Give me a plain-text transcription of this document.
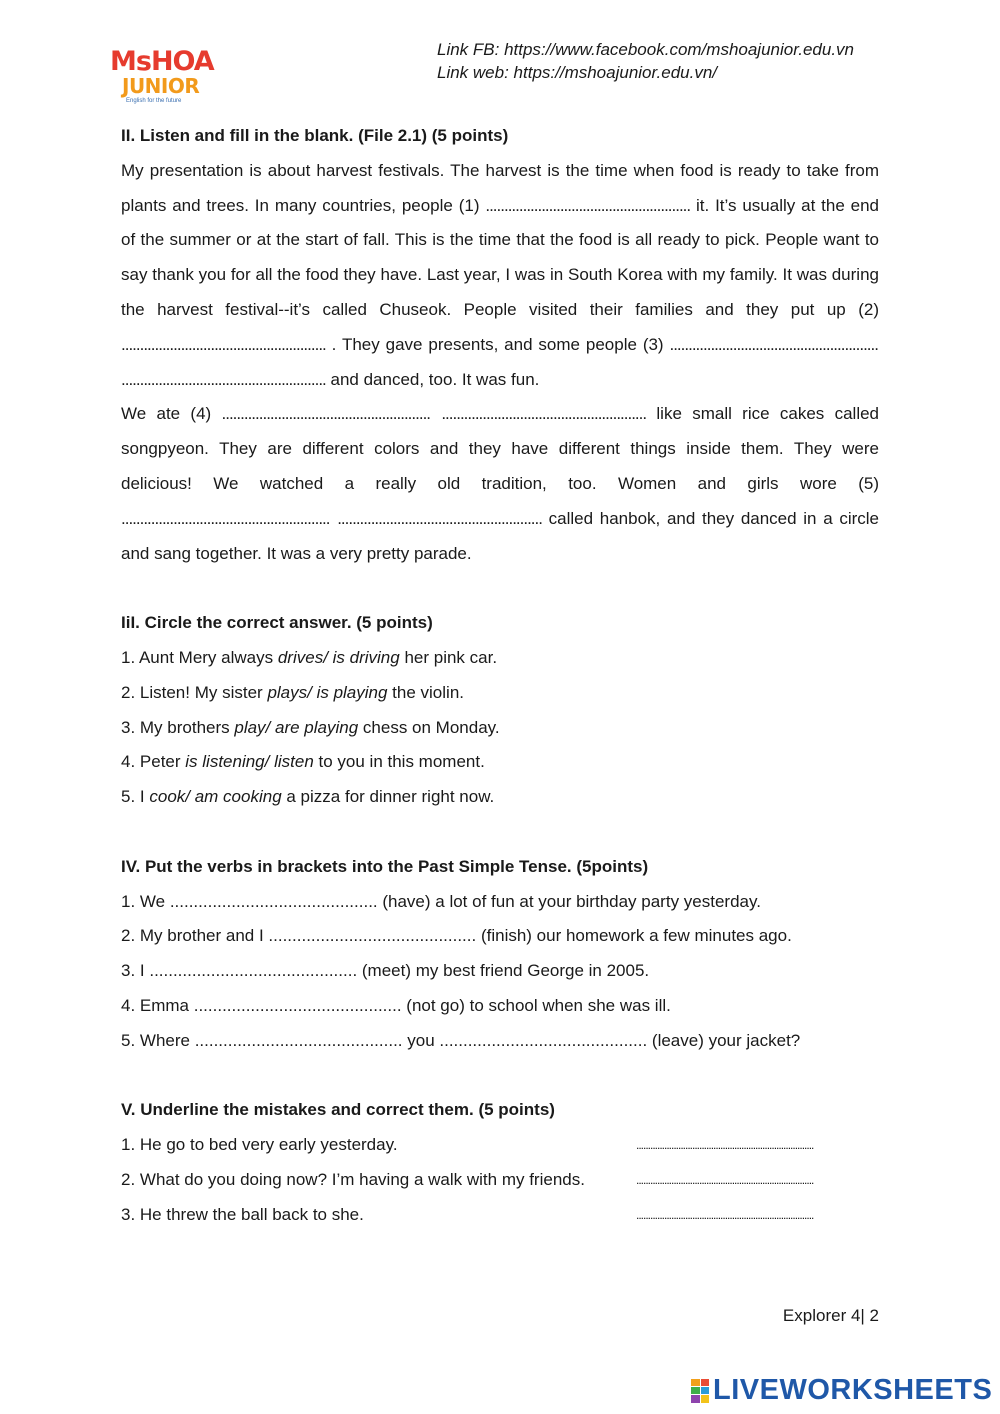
MsHOA
JUNIOR
English for the future
Link FB: https://www.facebook.com/mshoajunior.edu.vn
Link web: https://mshoajunior.edu.vn/
II. Listen and fill in the blank. (File 2.1) (5 points)

My presentation is about harvest festivals. The harvest is the time when food is ready to take from plants and trees. In many countries, people (1) ....................................................... it. It’s usually at the end of the summer or at the start of fall. This is the time that the food is all ready to pick. People want to say thank you for all the food they have. Last year, I was in South Korea with my family. It was during the harvest festival--it’s called Chuseok. People visited their families and they put up (2) ....................................................... . They gave presents, and some people (3) ........................................................ ....................................................... and danced, too. It was fun.

We ate (4) ........................................................ ....................................................... like small rice cakes called songpyeon. They are different colors and they have different things inside them. They were delicious! We watched a really old tradition, too. Women and girls wore (5) ........................................................ ....................................................... called hanbok, and they danced in a circle and sang together. It was a very pretty parade.

IiI. Circle the correct answer. (5 points)
1. Aunt Mery always drives/ is driving her pink car.
2. Listen! My sister plays/ is playing the violin.
3. My brothers play/ are playing chess on Monday.
4. Peter is listening/ listen to you in this moment.
5. I cook/ am cooking a pizza for dinner right now.
IV. Put the verbs in brackets into the Past Simple Tense. (5points)
1. We ............................................ (have) a lot of fun at your birthday party yesterday.
2. My brother and I ............................................ (finish) our homework a few minutes ago.
3. I ............................................ (meet) my best friend George in 2005.
4. Emma ............................................ (not go) to school when she was ill.
5. Where ............................................ you ............................................ (leave) your jacket?
V. Underline the mistakes and correct them. (5 points)
1. He go to bed very early yesterday.	............................................................................
2. What do you doing now? I’m having a walk with my friends.	............................................................................
3. He threw the ball back to she.	............................................................................
Explorer 4| 2
LIVEWORKSHEETS
